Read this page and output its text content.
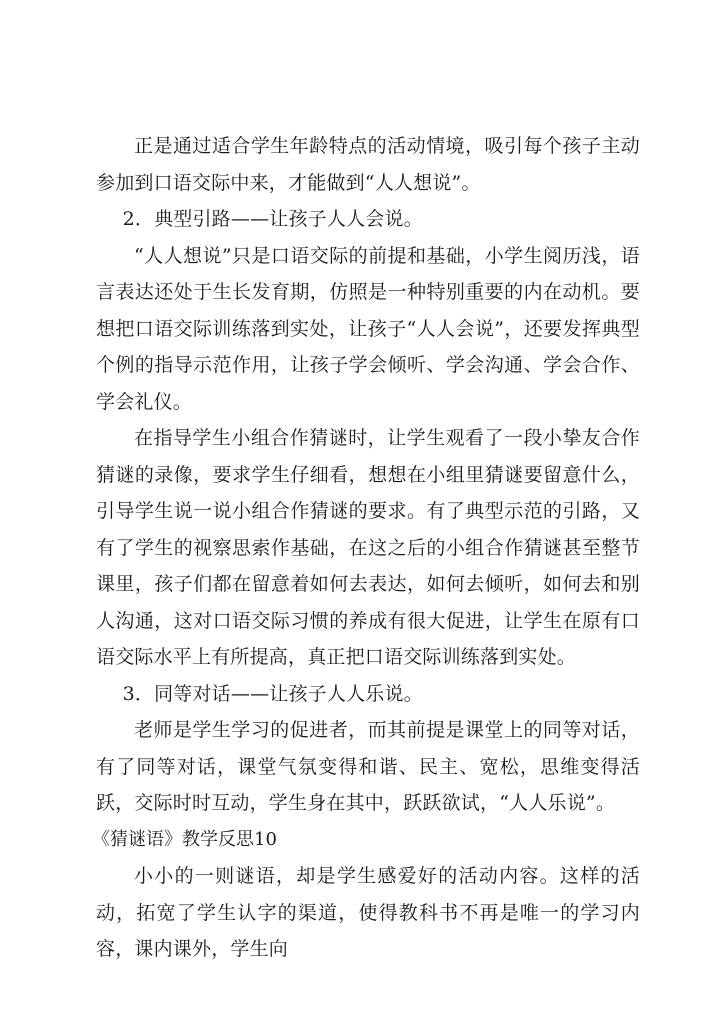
正是通过适合学生年龄特点的活动情境，吸引每个孩子主动参加到口语交际中来，才能做到“人人想说”。

2．典型引路——让孩子人人会说。

“人人想说”只是口语交际的前提和基础，小学生阅历浅，语言表达还处于生长发育期，仿照是一种特别重要的内在动机。要想把口语交际训练落到实处，让孩子“人人会说”，还要发挥典型个例的指导示范作用，让孩子学会倾听、学会沟通、学会合作、学会礼仪。

在指导学生小组合作猜谜时，让学生观看了一段小挚友合作猜谜的录像，要求学生仔细看，想想在小组里猜谜要留意什么，引导学生说一说小组合作猜谜的要求。有了典型示范的引路，又有了学生的视察思索作基础，在这之后的小组合作猜谜甚至整节课里，孩子们都在留意着如何去表达，如何去倾听，如何去和别人沟通，这对口语交际习惯的养成有很大促进，让学生在原有口语交际水平上有所提高，真正把口语交际训练落到实处。

3．同等对话——让孩子人人乐说。

老师是学生学习的促进者，而其前提是课堂上的同等对话，有了同等对话，课堂气氛变得和谐、民主、宽松，思维变得活跃，交际时时互动，学生身在其中，跃跃欲试，“人人乐说”。

《猜谜语》教学反思10

小小的一则谜语，却是学生感爱好的活动内容。这样的活动，拓宽了学生认字的渠道，使得教科书不再是唯一的学习内容，课内课外，学生向
